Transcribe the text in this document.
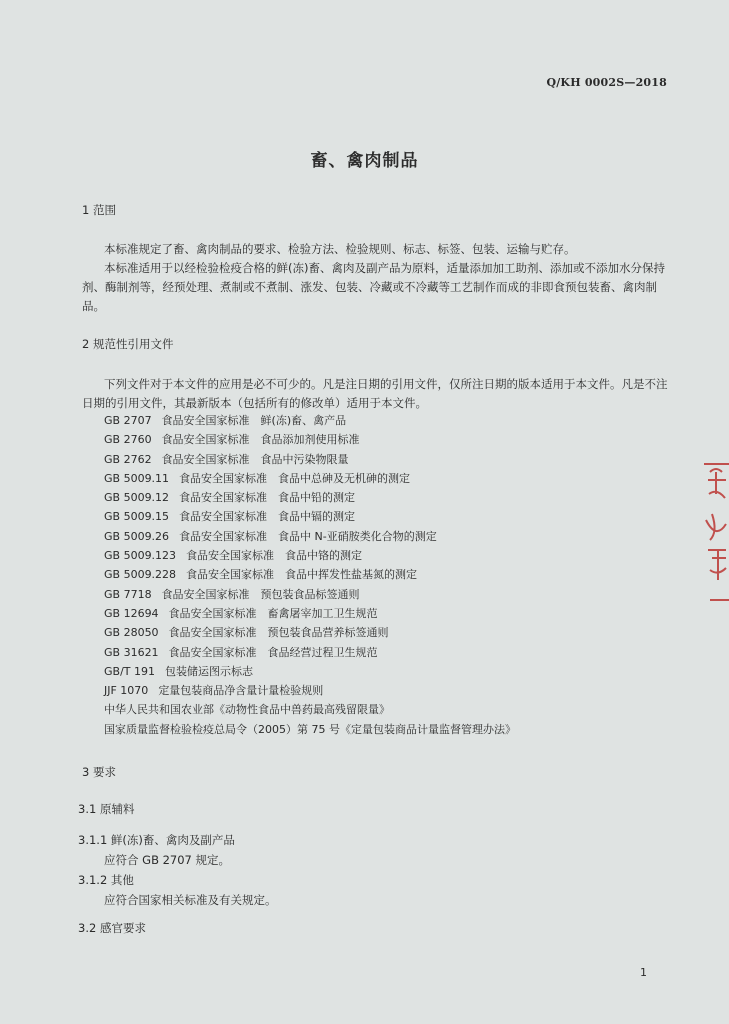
Q/KH 0002S—2018
畜、禽肉制品
1 范围
本标准规定了畜、禽肉制品的要求、检验方法、检验规则、标志、标签、包装、运输与贮存。
本标准适用于以经检验检疫合格的鲜(冻)畜、禽肉及副产品为原料，适量添加加工助剂、添加或不添加水分保持剂、酶制剂等，经预处理、煮制或不煮制、涨发、包装、冷藏或不冷藏等工艺制作而成的非即食预包装畜、禽肉制品。
2 规范性引用文件
下列文件对于本文件的应用是必不可少的。凡是注日期的引用文件，仅所注日期的版本适用于本文件。凡是不注日期的引用文件，其最新版本（包括所有的修改单）适用于本文件。
GB 2707 食品安全国家标准　鲜(冻)畜、禽产品
GB 2760 食品安全国家标准　食品添加剂使用标准
GB 2762 食品安全国家标准　食品中污染物限量
GB 5009.11 食品安全国家标准　食品中总砷及无机砷的测定
GB 5009.12 食品安全国家标准　食品中铅的测定
GB 5009.15 食品安全国家标准　食品中镉的测定
GB 5009.26 食品安全国家标准　食品中 N-亚硝胺类化合物的测定
GB 5009.123 食品安全国家标准　食品中铬的测定
GB 5009.228 食品安全国家标准　食品中挥发性盐基氮的测定
GB 7718 食品安全国家标准　预包装食品标签通则
GB 12694 食品安全国家标准　畜禽屠宰加工卫生规范
GB 28050 食品安全国家标准　预包装食品营养标签通则
GB 31621 食品安全国家标准　食品经营过程卫生规范
GB/T 191 包装储运图示标志
JJF 1070 定量包装商品净含量计量检验规则
中华人民共和国农业部《动物性食品中兽药最高残留限量》
国家质量监督检验检疫总局令（2005）第 75 号《定量包装商品计量监督管理办法》
3 要求
3.1 原辅料
3.1.1 鲜(冻)畜、禽肉及副产品
应符合 GB 2707 规定。
3.1.2 其他
应符合国家相关标准及有关规定。
3.2 感官要求
1
